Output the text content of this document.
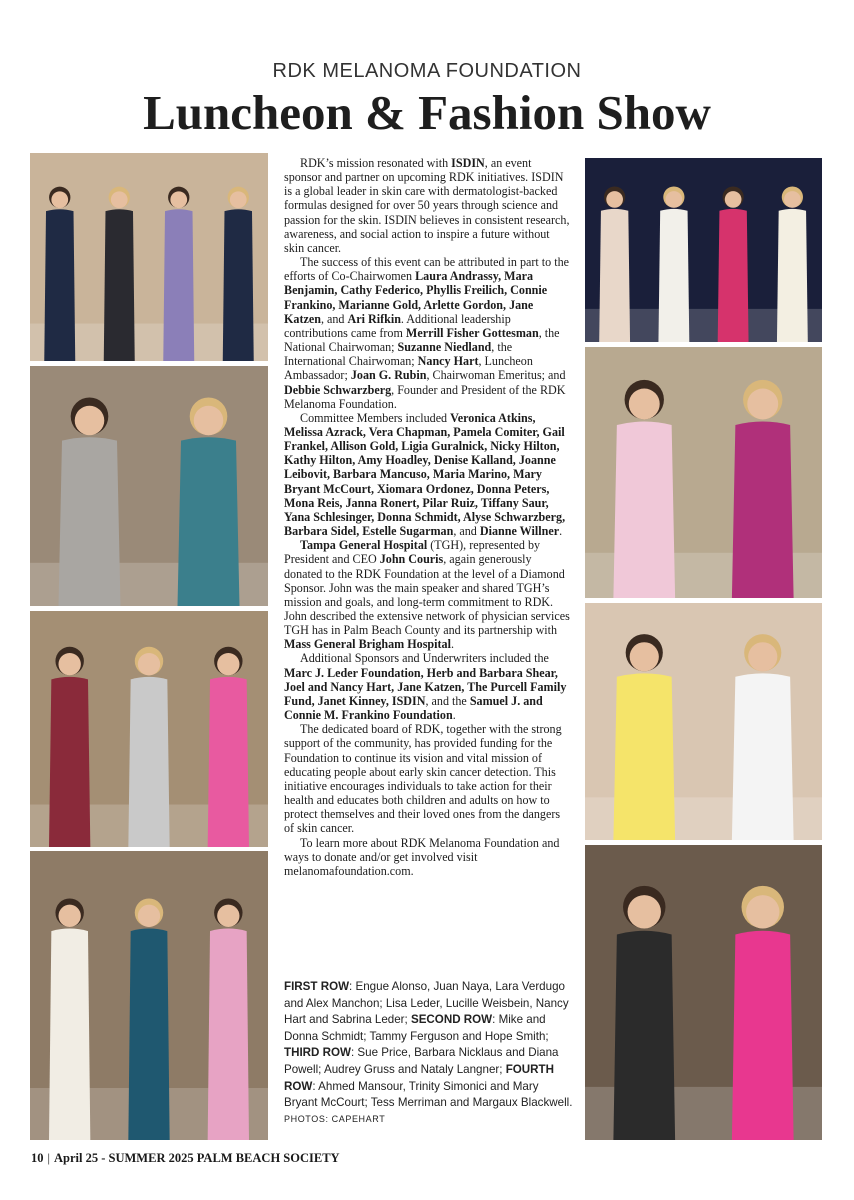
RDK MELANOMA FOUNDATION
Luncheon & Fashion Show

RDK’s mission resonated with ISDIN, an event sponsor and partner on upcoming RDK initiatives. ISDIN is a global leader in skin care with dermatologist-backed formulas designed for over 50 years through science and passion for the skin. ISDIN believes in consistent research, awareness, and social action to inspire a future without skin cancer.

The success of this event can be attributed in part to the efforts of Co-Chairwomen Laura Andrassy, Mara Benjamin, Cathy Federico, Phyllis Freilich, Connie Frankino, Marianne Gold, Arlette Gordon, Jane Katzen, and Ari Rifkin. Additional leadership contributions came from Merrill Fisher Gottesman, the National Chairwoman; Suzanne Niedland, the International Chairwoman; Nancy Hart, Luncheon Ambassador; Joan G. Rubin, Chairwoman Emeritus; and Debbie Schwarzberg, Founder and President of the RDK Melanoma Foundation.

Committee Members included Veronica Atkins, Melissa Azrack, Vera Chapman, Pamela Comiter, Gail Frankel, Allison Gold, Ligia Guralnick, Nicky Hilton, Kathy Hilton, Amy Hoadley, Denise Kalland, Joanne Leibovit, Barbara Mancuso, Maria Marino, Mary Bryant McCourt, Xiomara Ordonez, Donna Peters, Mona Reis, Janna Ronert, Pilar Ruiz, Tiffany Saur, Yana Schlesinger, Donna Schmidt, Alyse Schwarzberg, Barbara Sidel, Estelle Sugarman, and Dianne Willner.

Tampa General Hospital (TGH), represented by President and CEO John Couris, again generously donated to the RDK Foundation at the level of a Diamond Sponsor. John was the main speaker and shared TGH’s mission and goals, and long-term commitment to RDK. John described the extensive network of physician services TGH has in Palm Beach County and its partnership with Mass General Brigham Hospital.

Additional Sponsors and Underwriters included the Marc J. Leder Foundation, Herb and Barbara Shear, Joel and Nancy Hart, Jane Katzen, The Purcell Family Fund, Janet Kinney, ISDIN, and the Samuel J. and Connie M. Frankino Foundation.

The dedicated board of RDK, together with the strong support of the community, has provided funding for the Foundation to continue its vision and vital mission of educating people about early skin cancer detection. This initiative encourages individuals to take action for their health and educates both children and adults on how to protect themselves and their loved ones from the dangers of skin cancer.

To learn more about RDK Melanoma Foundation and ways to donate and/or get involved visit melanomafoundation.com.

FIRST ROW: Engue Alonso, Juan Naya, Lara Verdugo and Alex Manchon; Lisa Leder, Lucille Weisbein, Nancy Hart and Sabrina Leder; SECOND ROW: Mike and Donna Schmidt; Tammy Ferguson and Hope Smith; THIRD ROW: Sue Price, Barbara Nicklaus and Diana Powell; Audrey Gruss and Nataly Langner; FOURTH ROW: Ahmed Mansour, Trinity Simonici and Mary Bryant McCourt; Tess Merriman and Margaux Blackwell.
PHOTOS: CAPEHART
10 | April 25 - SUMMER 2025 PALM BEACH SOCIETY
